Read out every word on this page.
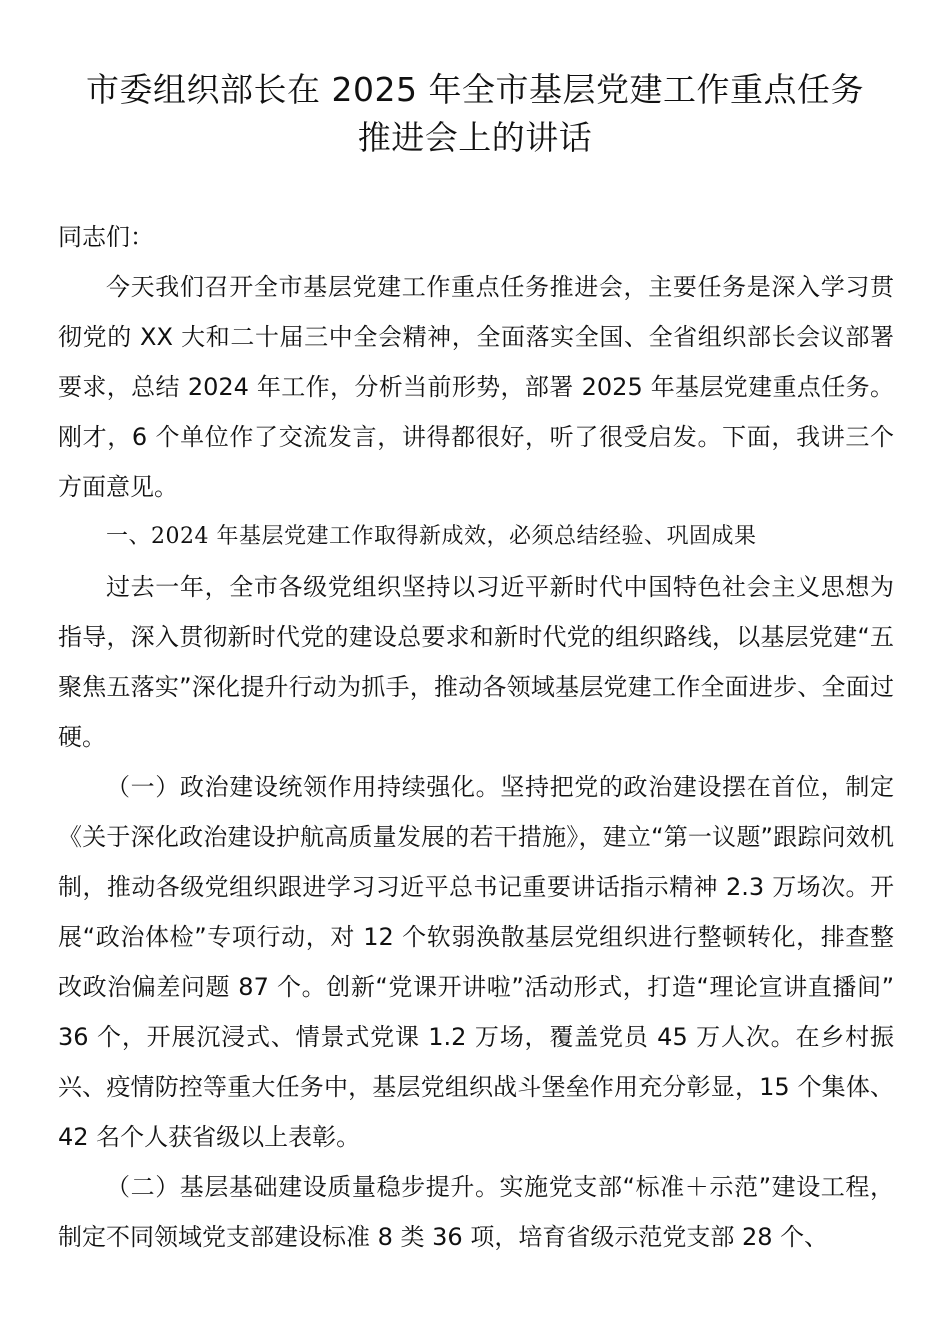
市委组织部长在 2025 年全市基层党建工作重点任务
推进会上的讲话

同志们：

今天我们召开全市基层党建工作重点任务推进会，主要任务是深入学习贯彻党的 XX 大和二十届三中全会精神，全面落实全国、全省组织部长会议部署要求，总结 2024 年工作，分析当前形势，部署 2025 年基层党建重点任务。刚才，6 个单位作了交流发言，讲得都很好，听了很受启发。下面，我讲三个方面意见。

一、2024 年基层党建工作取得新成效，必须总结经验、巩固成果

过去一年，全市各级党组织坚持以习近平新时代中国特色社会主义思想为指导，深入贯彻新时代党的建设总要求和新时代党的组织路线，以基层党建“五聚焦五落实”深化提升行动为抓手，推动各领域基层党建工作全面进步、全面过硬。

（一）政治建设统领作用持续强化。坚持把党的政治建设摆在首位，制定《关于深化政治建设护航高质量发展的若干措施》，建立“第一议题”跟踪问效机制，推动各级党组织跟进学习习近平总书记重要讲话指示精神 2.3 万场次。开展“政治体检”专项行动，对 12 个软弱涣散基层党组织进行整顿转化，排查整改政治偏差问题 87 个。创新“党课开讲啦”活动形式，打造“理论宣讲直播间” 36 个，开展沉浸式、情景式党课 1.2 万场，覆盖党员 45 万人次。在乡村振兴、疫情防控等重大任务中，基层党组织战斗堡垒作用充分彰显，15 个集体、42 名个人获省级以上表彰。

（二）基层基础建设质量稳步提升。实施党支部“标准＋示范”建设工程，制定不同领域党支部建设标准 8 类 36 项，培育省级示范党支部 28 个、
